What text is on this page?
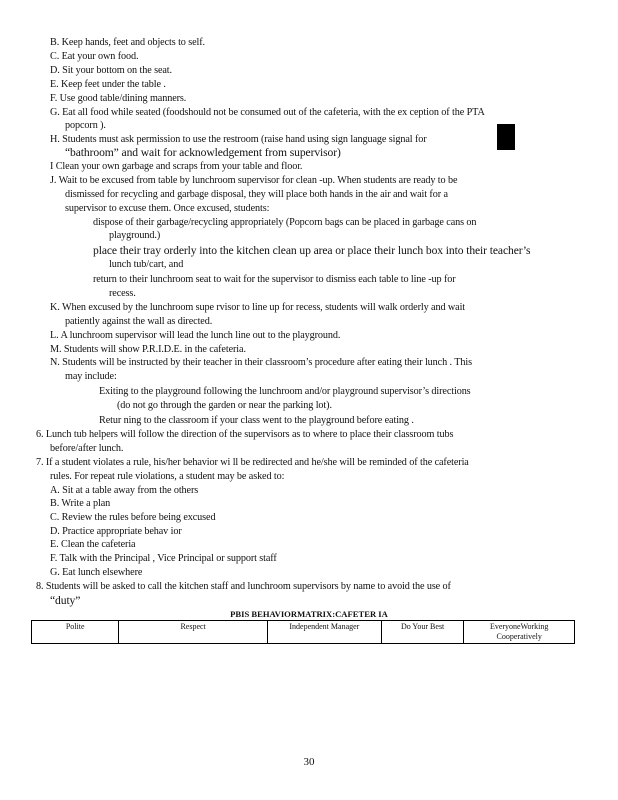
B. Keep hands, feet and objects to self.
C. Eat your own food.
D. Sit your bottom on the seat.
E. Keep feet under the table .
F. Use good table/dining manners.
G. Eat all food while seated (foodshould not be consumed out of the cafeteria, with the ex ception of the PTA
popcorn ).
H. Students must ask permission to use the restroom (raise hand using sign language signal for
“bathroom” and wait for acknowledgement from supervisor)
I Clean your own garbage and scraps from your table and floor.
J. Wait to be excused from table by lunchroom supervisor for clean -up. When students are ready to be
dismissed for recycling and garbage disposal, they will place both hands in the air and wait for a
supervisor to excuse them. Once excused, students:
dispose of their garbage/recycling appropriately (Popcorn bags can be placed in garbage cans on
playground.)
place their tray orderly into the kitchen clean up area or place their lunch box into their teacher’s
lunch tub/cart, and
return to their lunchroom seat to wait for the supervisor to dismiss each table to line -up for
recess.
K. When excused by the lunchroom supe rvisor to line up for recess, students will walk orderly and wait
patiently against the wall as directed.
L. A lunchroom supervisor will lead the lunch line out to the playground.
M. Students will show P.R.I.D.E. in the cafeteria.
N. Students will be instructed by their teacher in their classroom’s procedure after eating their lunch . This
may include:
Exiting to the playground following the lunchroom and/or playground supervisor’s directions
(do not go through the garden or near the parking lot).
Retur ning to the classroom if your class went to the playground before eating .
6. Lunch tub helpers will follow the direction of the supervisors as to where to place their classroom tubs
before/after lunch.
7. If a student violates a rule, his/her behavior wi ll be redirected and he/she will be reminded of the cafeteria
rules. For repeat rule violations, a student may be asked to:
A. Sit at a table away from the others
B. Write a plan
C. Review the rules before being excused
D. Practice appropriate behav ior
E. Clean the cafeteria
F. Talk with the Principal , Vice Principal or support staff
G. Eat lunch elsewhere
8. Students will be asked to call the kitchen staff and lunchroom supervisors by name to avoid the use of
“duty”
PBIS BEHAVIORMATRIX:CAFETER IA
Polite	Respect	Independent Manager	Do Your Best	EveryoneWorking Cooperatively
30
